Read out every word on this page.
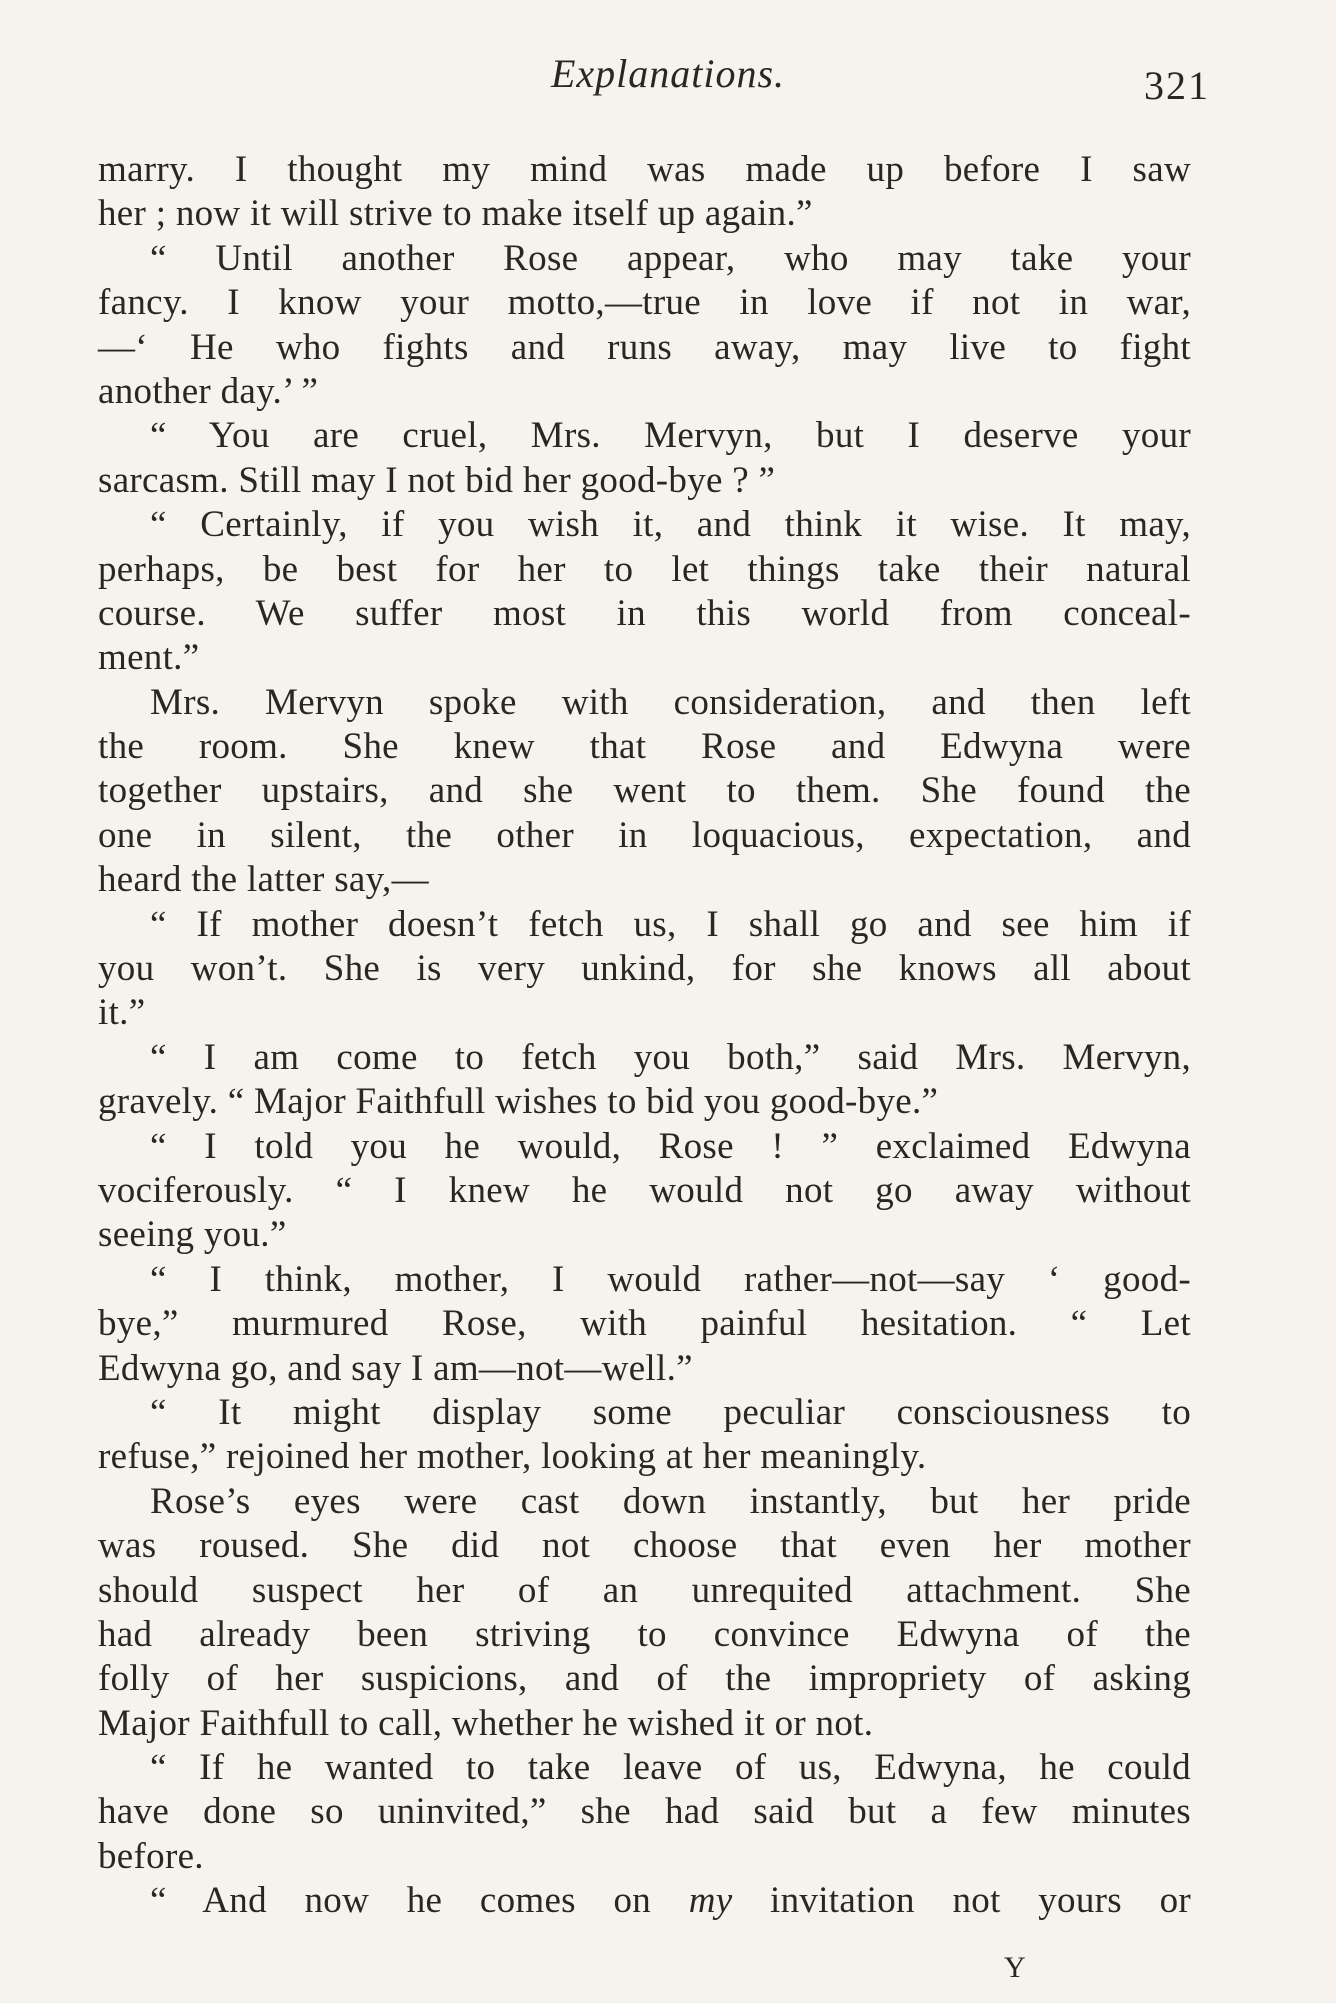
Explanations.	321
marry. I thought my mind was made up before I saw
her ; now it will strive to make itself up again.”
“ Until another Rose appear, who may take your
fancy. I know your motto,—true in love if not in war,
—‘ He who fights and runs away, may live to fight
another day.’ ”
“ You are cruel, Mrs. Mervyn, but I deserve your
sarcasm. Still may I not bid her good-bye ? ”
“ Certainly, if you wish it, and think it wise. It may,
perhaps, be best for her to let things take their natural
course. We suffer most in this world from conceal-
ment.”
Mrs. Mervyn spoke with consideration, and then left
the room. She knew that Rose and Edwyna were
together upstairs, and she went to them. She found the
one in silent, the other in loquacious, expectation, and
heard the latter say,—
“ If mother doesn’t fetch us, I shall go and see him if
you won’t. She is very unkind, for she knows all about
it.”
“ I am come to fetch you both,” said Mrs. Mervyn,
gravely. “ Major Faithfull wishes to bid you good-bye.”
“ I told you he would, Rose ! ” exclaimed Edwyna
vociferously. “ I knew he would not go away without
seeing you.”
“ I think, mother, I would rather—not—say ‘ good-
bye,” murmured Rose, with painful hesitation. “ Let
Edwyna go, and say I am—not—well.”
“ It might display some peculiar consciousness to
refuse,” rejoined her mother, looking at her meaningly.
Rose’s eyes were cast down instantly, but her pride
was roused. She did not choose that even her mother
should suspect her of an unrequited attachment. She
had already been striving to convince Edwyna of the
folly of her suspicions, and of the impropriety of asking
Major Faithfull to call, whether he wished it or not.
“ If he wanted to take leave of us, Edwyna, he could
have done so uninvited,” she had said but a few minutes
before.
“ And now he comes on my invitation not yours or
Y
